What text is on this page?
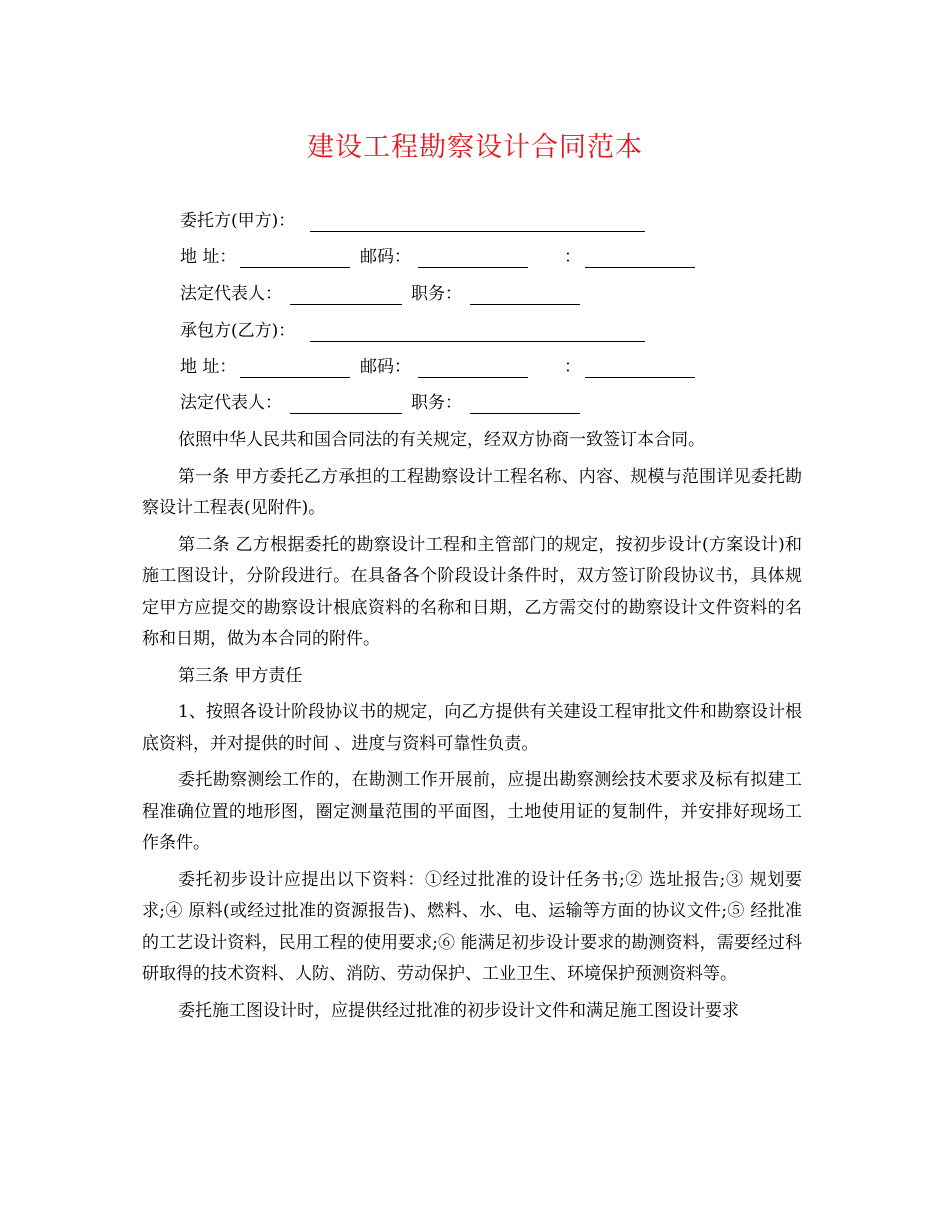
建设工程勘察设计合同范本
委托方(甲方)：
地 址：	邮码：	：
法定代表人：	职务：
承包方(乙方)：
地 址：	邮码：	：
法定代表人：	职务：

依照中华人民共和国合同法的有关规定，经双方协商一致签订本合同。

第一条 甲方委托乙方承担的工程勘察设计工程名称、内容、规模与范围详见委托勘察设计工程表(见附件)。

第二条 乙方根据委托的勘察设计工程和主管部门的规定，按初步设计(方案设计)和施工图设计，分阶段进行。在具备各个阶段设计条件时，双方签订阶段协议书，具体规定甲方应提交的勘察设计根底资料的名称和日期，乙方需交付的勘察设计文件资料的名称和日期，做为本合同的附件。

第三条 甲方责任

1、按照各设计阶段协议书的规定，向乙方提供有关建设工程审批文件和勘察设计根底资料，并对提供的时间 、进度与资料可靠性负责。

委托勘察测绘工作的，在勘测工作开展前，应提出勘察测绘技术要求及标有拟建工程准确位置的地形图，圈定测量范围的平面图，土地使用证的复制件，并安排好现场工作条件。

委托初步设计应提出以下资料：①经过批准的设计任务书;② 选址报告;③ 规划要求;④ 原料(或经过批准的资源报告)、燃料、水、电、运输等方面的协议文件;⑤ 经批准的工艺设计资料，民用工程的使用要求;⑥ 能满足初步设计要求的勘测资料，需要经过科研取得的技术资料、人防、消防、劳动保护、工业卫生、环境保护预测资料等。

委托施工图设计时，应提供经过批准的初步设计文件和满足施工图设计要求
